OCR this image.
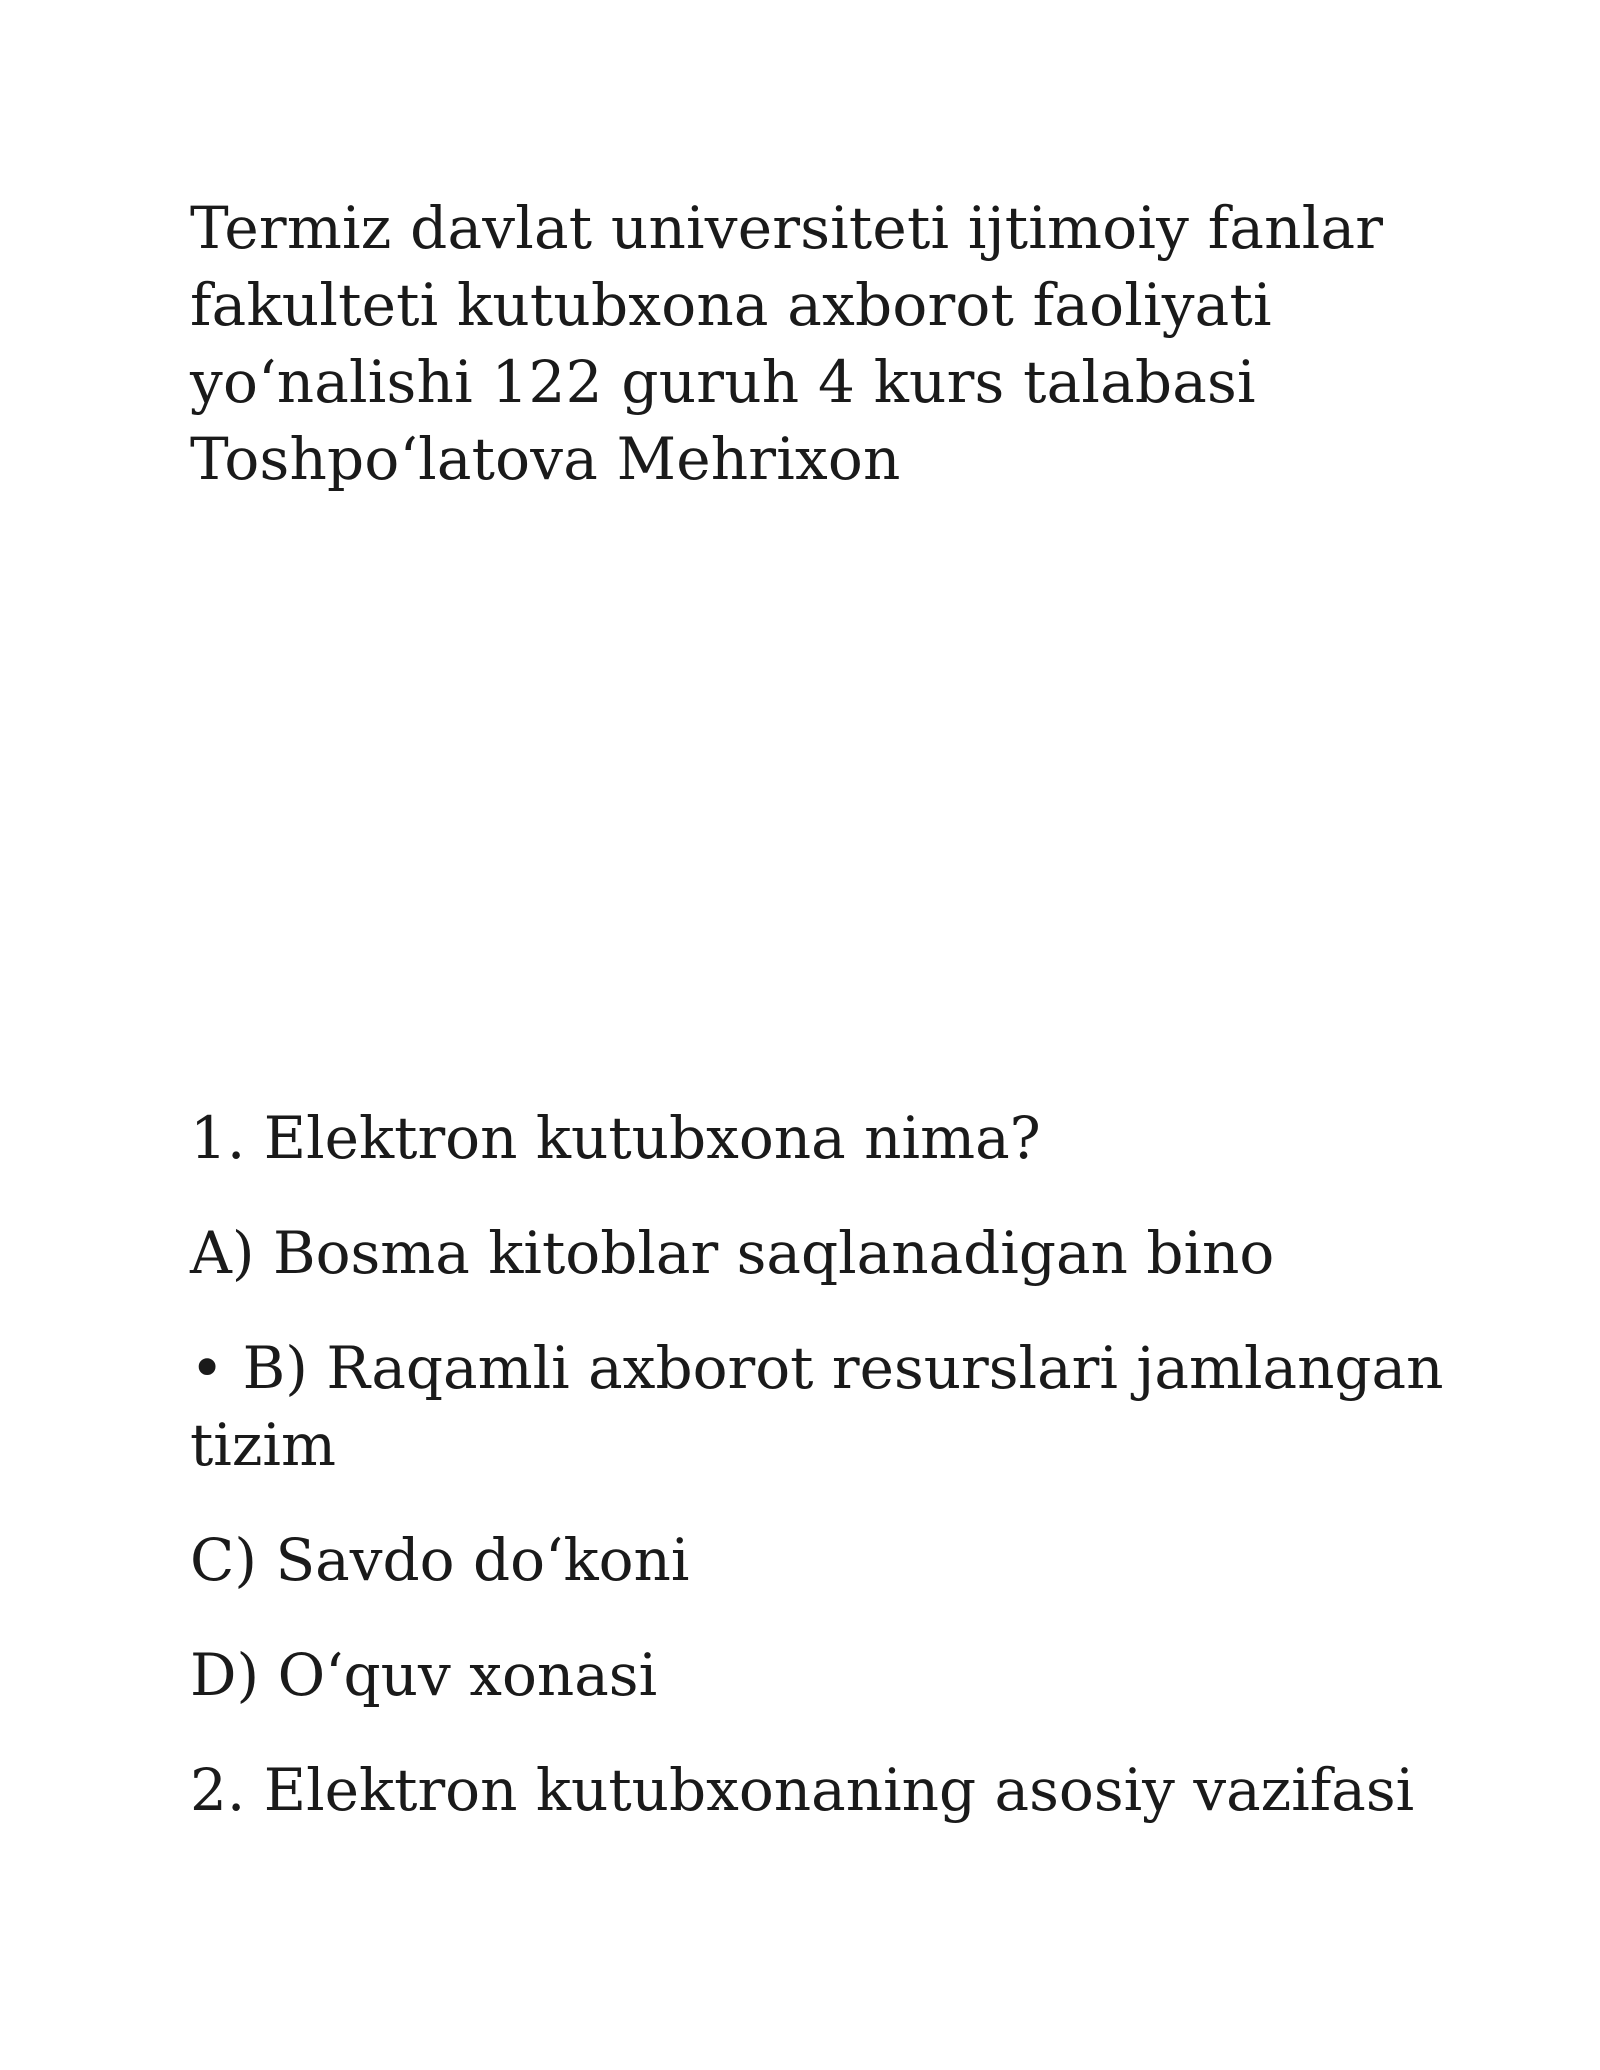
Termiz davlat universiteti ijtimoiy fanlar
fakulteti kutubxona axborot faoliyati
yo‘nalishi 122 guruh 4 kurs talabasi
Toshpo‘latova Mehrixon
1. Elektron kutubxona nima?
A) Bosma kitoblar saqlanadigan bino
• B) Raqamli axborot resurslari jamlangan tizim
C) Savdo do‘koni
D) O‘quv xonasi
2. Elektron kutubxonaning asosiy vazifasi
